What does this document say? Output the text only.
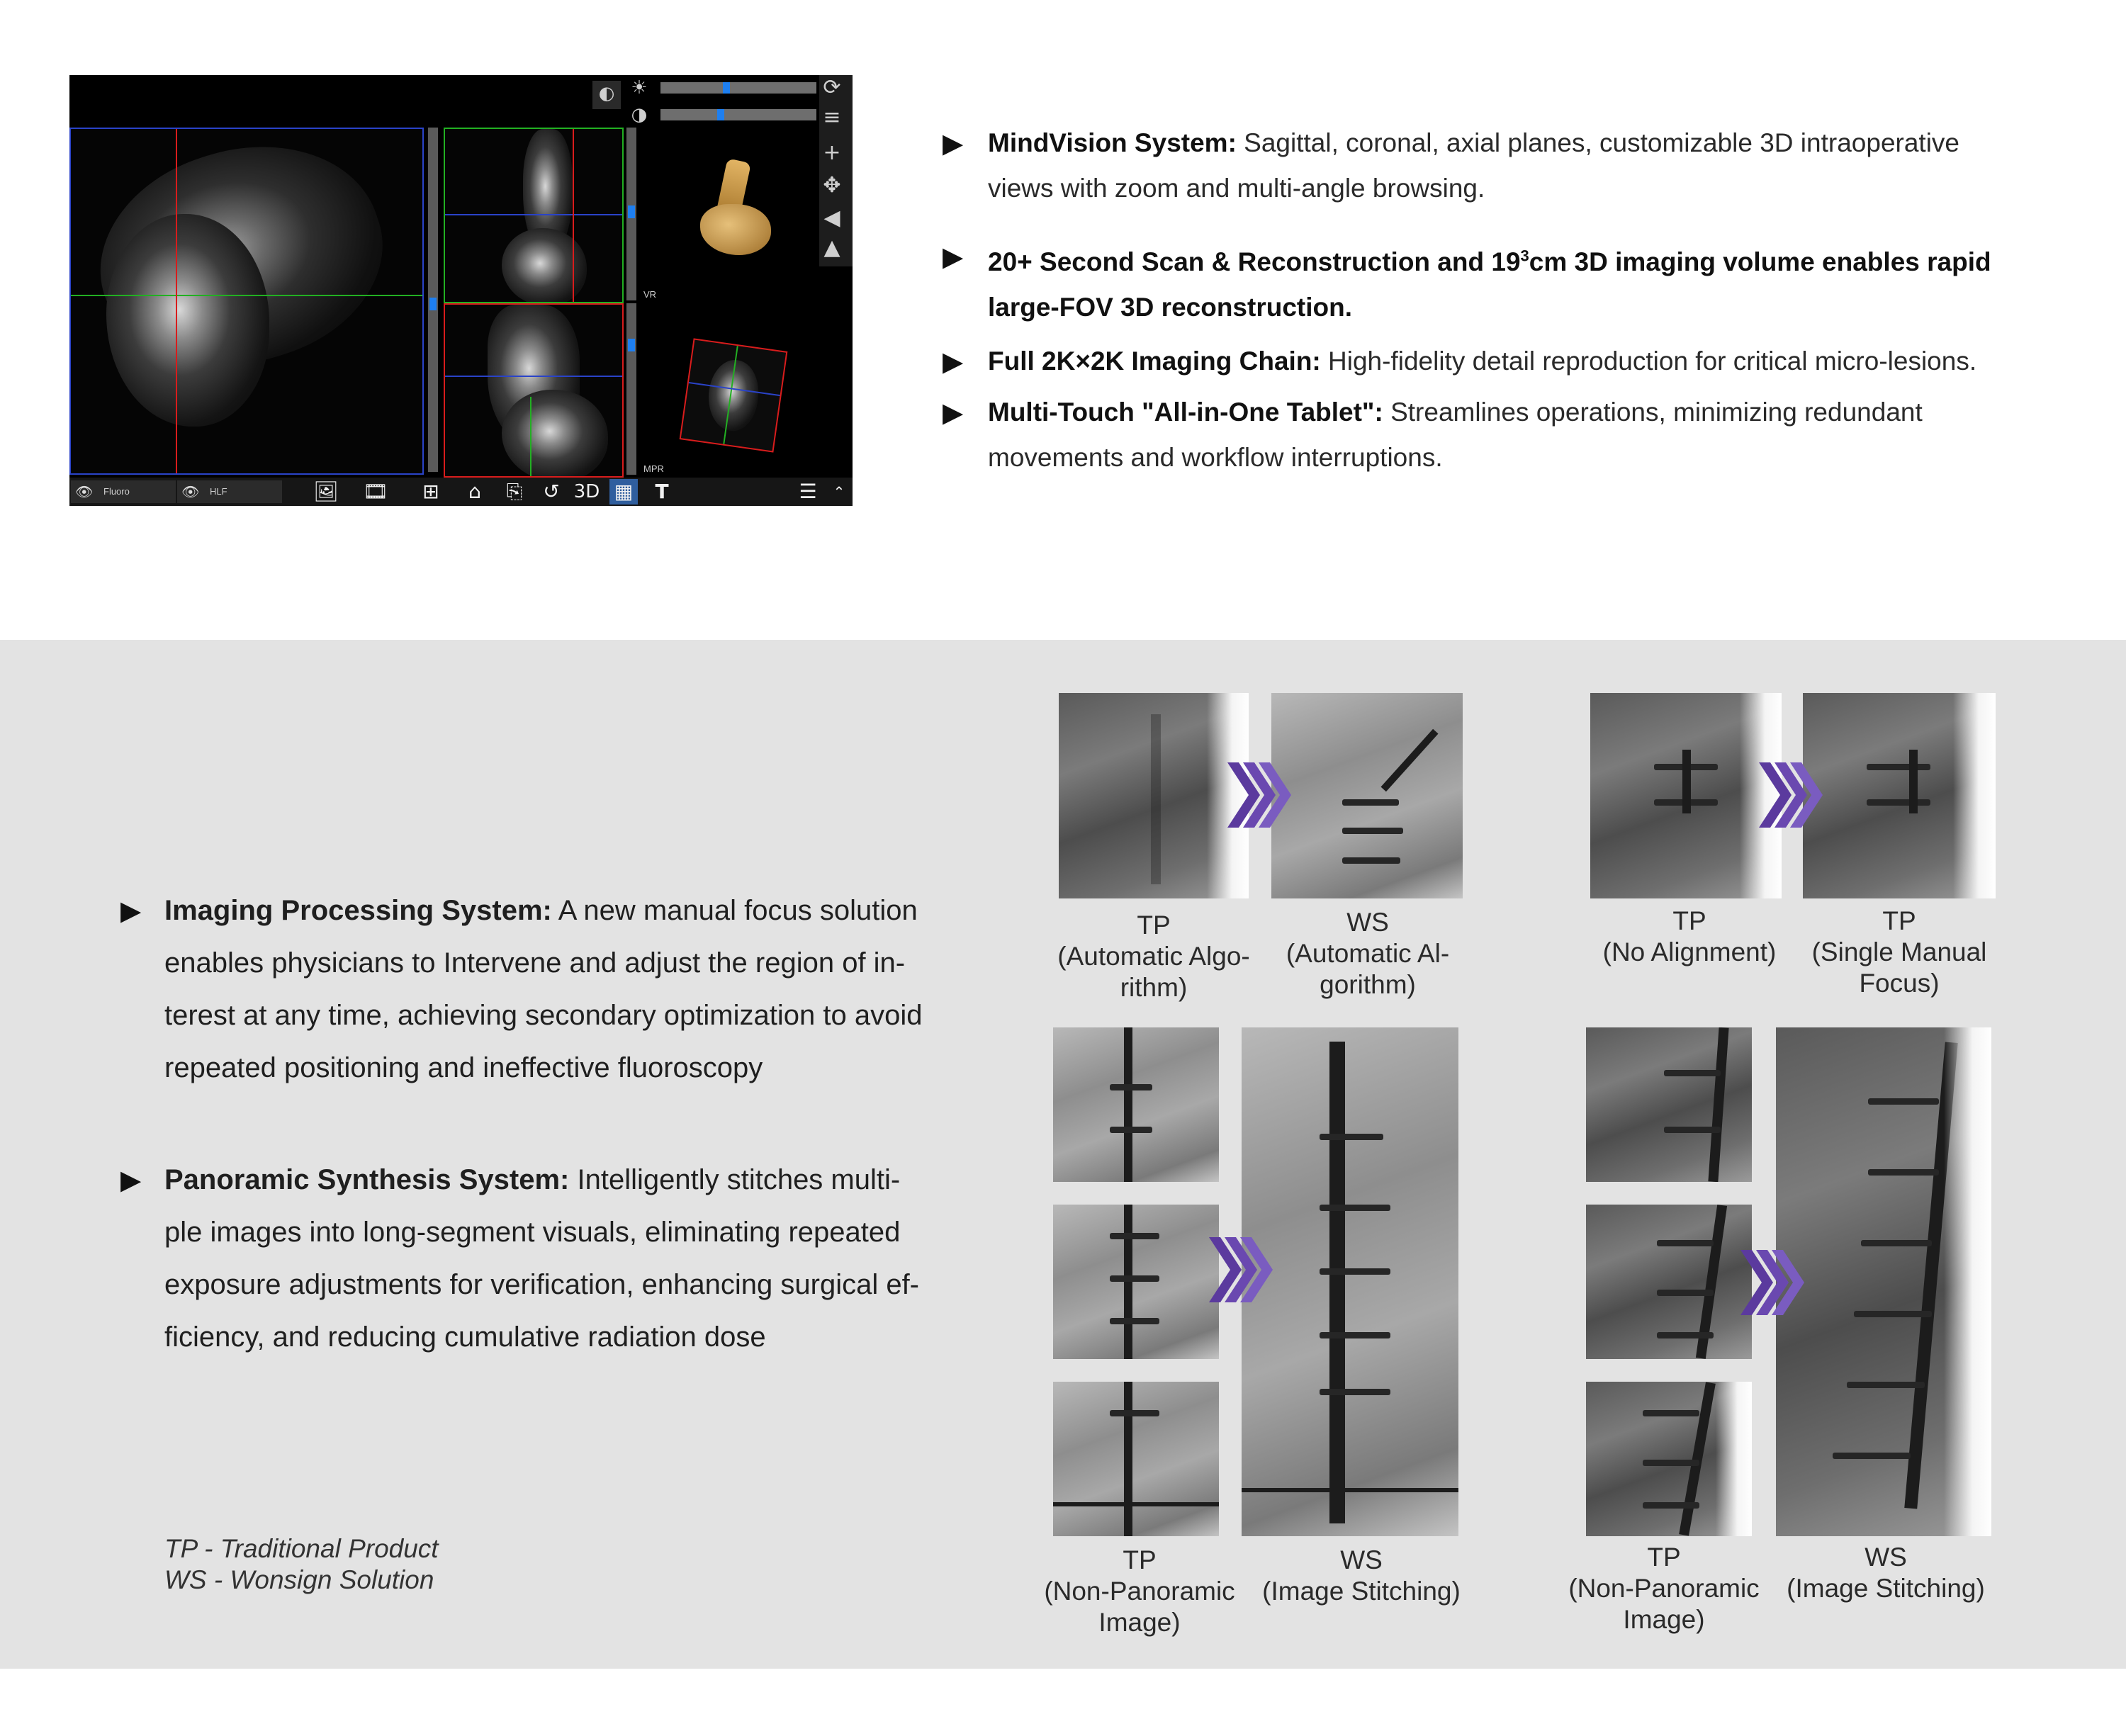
VR
MPR
◐ ☀
◑
⟳
≡
+
✥
◀
▲
👁 Fluoro	👁 HLF	🖼 🎞	⊞	⌂	⎘	↺ 3D ▦	T	☰	⌃
▶ MindVision System: Sagittal, coronal, axial planes, customizable 3D intraoperative
views with zoom and multi-angle browsing.
▶ 20+ Second Scan & Reconstruction and $19^3cm$ 3D imaging volume enables rapid
large-FOV 3D reconstruction.
▶ Full 2K×2K Imaging Chain: High-fidelity detail reproduction for critical micro-lesions.
▶ Multi-Touch "All-in-One Tablet": Streamlines operations, minimizing redundant
movements and workflow interruptions.
▶ Imaging Processing System: A new manual focus solution
enables physicians to Intervene and adjust the region of in-
terest at any time, achieving secondary optimization to avoid
repeated positioning and ineffective fluoroscopy
▶ Panoramic Synthesis System: Intelligently stitches multi-
ple images into long-segment visuals, eliminating repeated
exposure adjustments for verification, enhancing surgical ef-
ficiency, and reducing cumulative radiation dose
TP - Traditional Product
WS - Wonsign Solution
TP
(Automatic Algo-
rithm)
WS
(Automatic Al-
gorithm)
TP
(No Alignment)
TP
(Single Manual
Focus)
TP
(Non-Panoramic
Image)
WS
(Image Stitching)
TP
(Non-Panoramic
Image)
WS
(Image Stitching)
